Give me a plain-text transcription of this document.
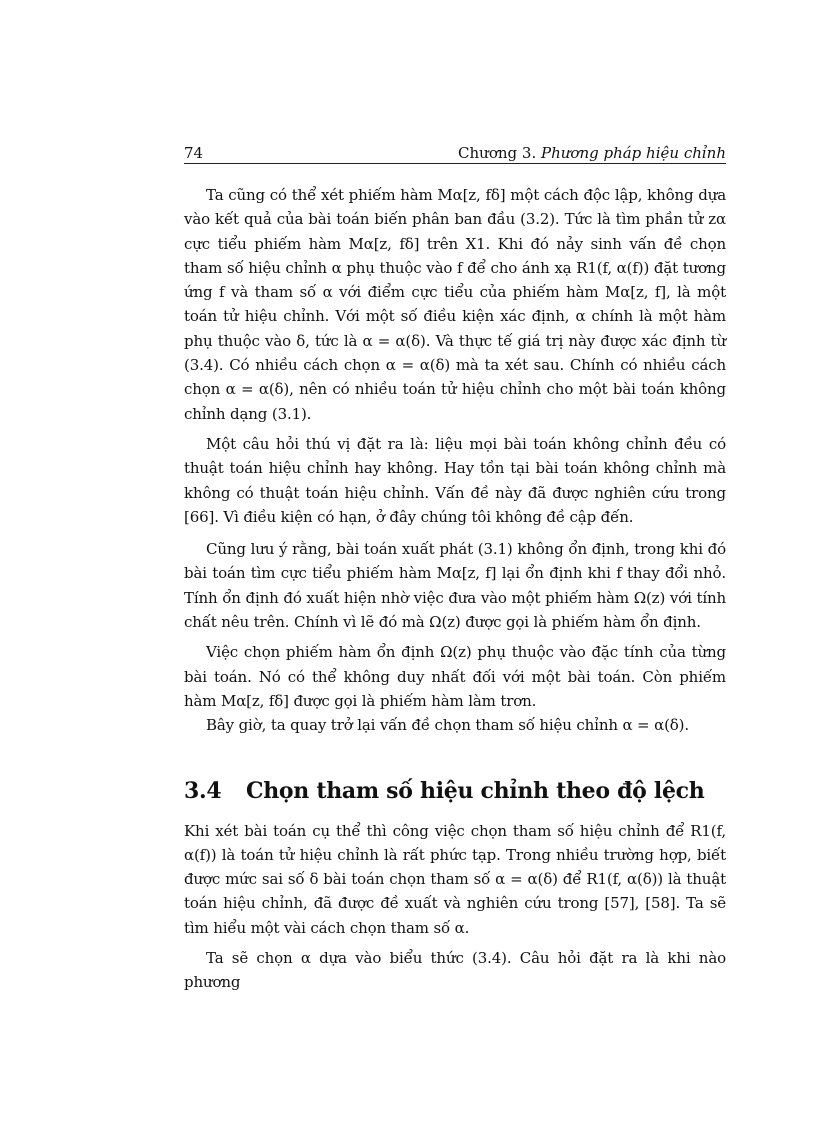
74	Chương 3. Phương pháp hiệu chỉnh

Ta cũng có thể xét phiếm hàm Mα[z, fδ] một cách độc lập, không dựa vào kết quả của bài toán biến phân ban đầu (3.2). Tức là tìm phần tử zα cực tiểu phiếm hàm Mα[z, fδ] trên X1. Khi đó nảy sinh vấn đề chọn tham số hiệu chỉnh α phụ thuộc vào f để cho ánh xạ R1(f, α(f)) đặt tương ứng f và tham số α với điểm cực tiểu của phiếm hàm Mα[z, f], là một toán tử hiệu chỉnh. Với một số điều kiện xác định, α chính là một hàm phụ thuộc vào δ, tức là α = α(δ). Và thực tế giá trị này được xác định từ (3.4). Có nhiều cách chọn α = α(δ) mà ta xét sau. Chính có nhiều cách chọn α = α(δ), nên có nhiều toán tử hiệu chỉnh cho một bài toán không chỉnh dạng (3.1).

Một câu hỏi thú vị đặt ra là: liệu mọi bài toán không chỉnh đều có thuật toán hiệu chỉnh hay không. Hay tồn tại bài toán không chỉnh mà không có thuật toán hiệu chỉnh. Vấn đề này đã được nghiên cứu trong [66]. Vì điều kiện có hạn, ở đây chúng tôi không đề cập đến.

Cũng lưu ý rằng, bài toán xuất phát (3.1) không ổn định, trong khi đó bài toán tìm cực tiểu phiếm hàm Mα[z, f] lại ổn định khi f thay đổi nhỏ. Tính ổn định đó xuất hiện nhờ việc đưa vào một phiếm hàm Ω(z) với tính chất nêu trên. Chính vì lẽ đó mà Ω(z) được gọi là phiếm hàm ổn định.

Việc chọn phiếm hàm ổn định Ω(z) phụ thuộc vào đặc tính của từng bài toán. Nó có thể không duy nhất đối với một bài toán. Còn phiếm hàm Mα[z, fδ] được gọi là phiếm hàm làm trơn.

Bây giờ, ta quay trở lại vấn đề chọn tham số hiệu chỉnh α = α(δ).

3.4 Chọn tham số hiệu chỉnh theo độ lệch

Khi xét bài toán cụ thể thì công việc chọn tham số hiệu chỉnh để R1(f, α(f)) là toán tử hiệu chỉnh là rất phức tạp. Trong nhiều trường hợp, biết được mức sai số δ bài toán chọn tham số α = α(δ) để R1(f, α(δ)) là thuật toán hiệu chỉnh, đã được đề xuất và nghiên cứu trong [57], [58]. Ta sẽ tìm hiểu một vài cách chọn tham số α.

Ta sẽ chọn α dựa vào biểu thức (3.4). Câu hỏi đặt ra là khi nào phương
